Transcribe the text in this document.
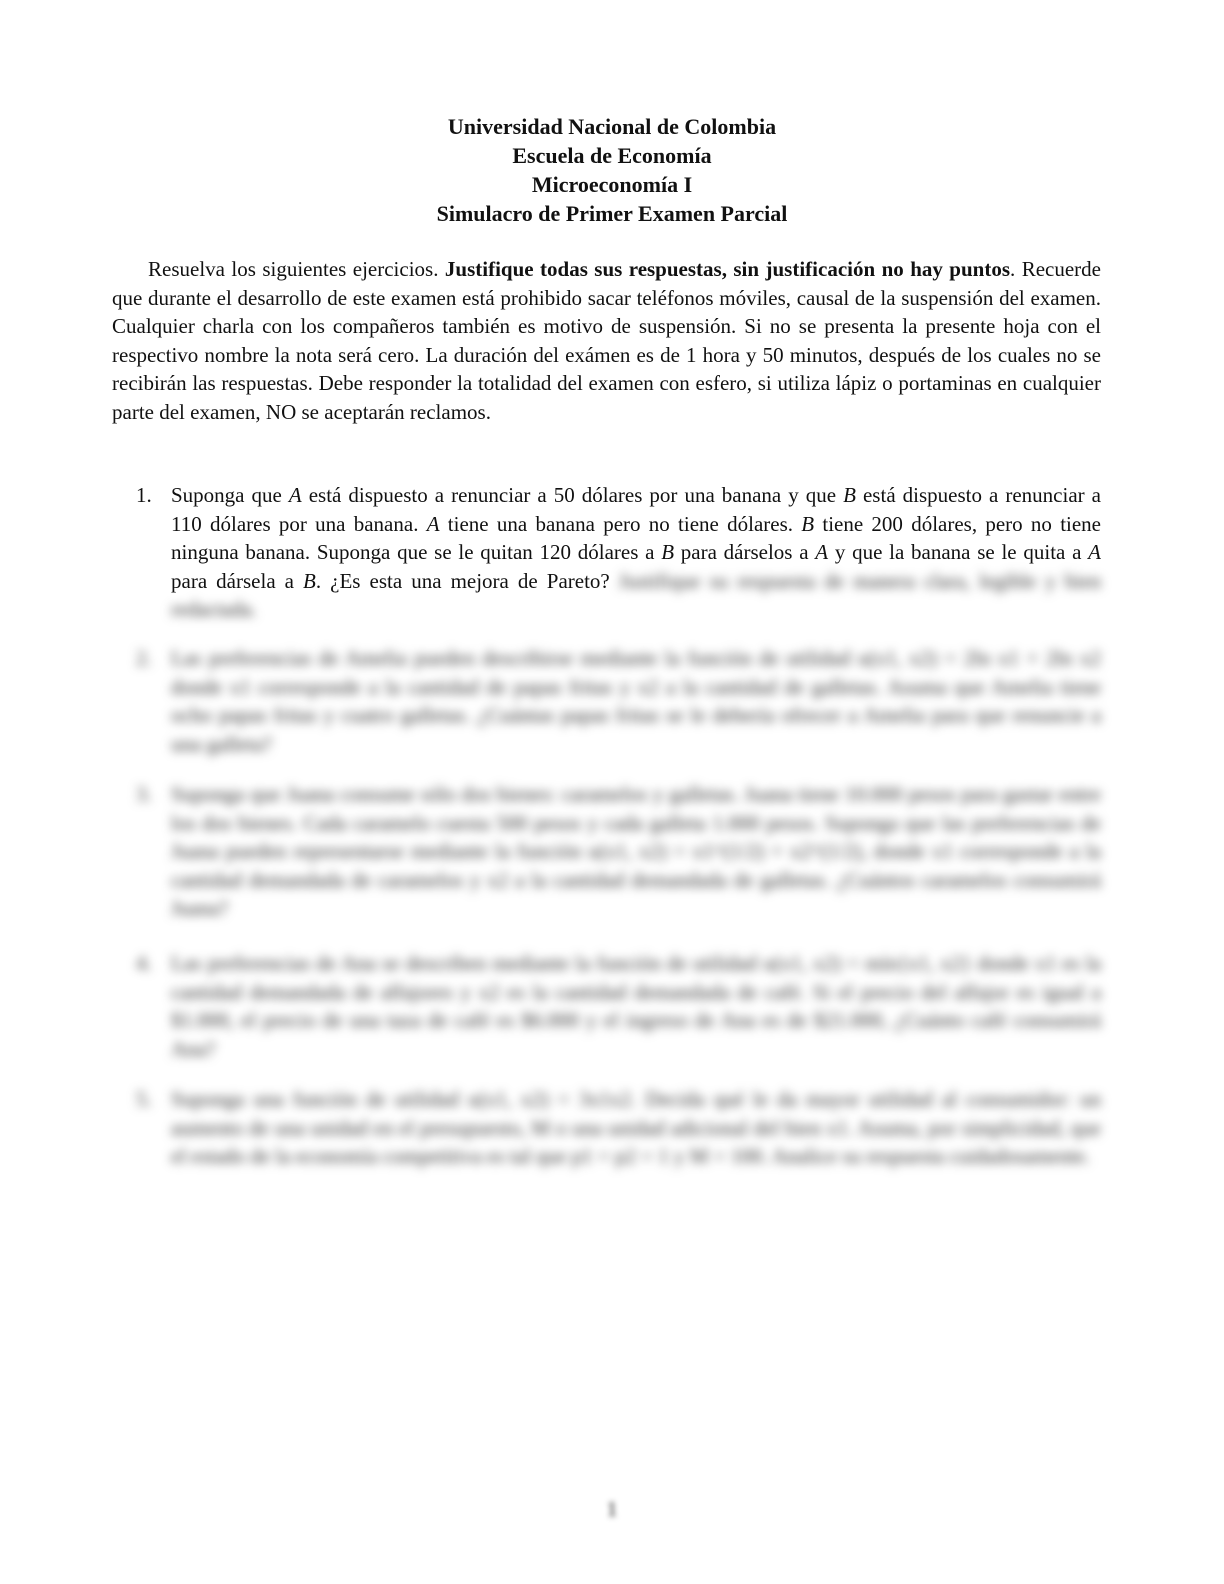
Universidad Nacional de Colombia
Escuela de Economía
Microeconomía I
Simulacro de Primer Examen Parcial

Resuelva los siguientes ejercicios. Justifique todas sus respuestas, sin justificación no hay puntos. Recuerde que durante el desarrollo de este examen está prohibido sacar teléfonos móviles, causal de la suspensión del examen. Cualquier charla con los compañeros también es motivo de suspensión. Si no se presenta la presente hoja con el respectivo nombre la nota será cero. La duración del exámen es de 1 hora y 50 minutos, después de los cuales no se recibirán las respuestas. Debe responder la totalidad del examen con esfero, si utiliza lápiz o portaminas en cualquier parte del examen, NO se aceptarán reclamos.

1. Suponga que A está dispuesto a renunciar a 50 dólares por una banana y que B está dispuesto a renunciar a 110 dólares por una banana. A tiene una banana pero no tiene dólares. B tiene 200 dólares, pero no tiene ninguna banana. Suponga que se le quitan 120 dólares a B para dárselos a A y que la banana se le quita a A para dársela a B. ¿Es esta una mejora de Pareto? Justifique su respuesta de manera clara, legible y bien redactada.
2. Las preferencias de Amelia pueden describirse mediante la función de utilidad u(x1, x2) = 2ln x1 + 2ln x2 donde x1 corresponde a la cantidad de papas fritas y x2 a la cantidad de galletas. Asuma que Amelia tiene ocho papas fritas y cuatro galletas. ¿Cuántas papas fritas se le debería ofrecer a Amelia para que renuncie a una galleta?
3. Suponga que Juana consume sólo dos bienes: caramelos y galletas. Juana tiene 10.000 pesos para gastar entre los dos bienes. Cada caramelo cuesta 500 pesos y cada galleta 1.000 pesos. Suponga que las preferencias de Juana pueden representarse mediante la función u(x1, x2) = x1^(1/2) + x2^(1/2), donde x1 corresponde a la cantidad demandada de caramelos y x2 a la cantidad demandada de galletas. ¿Cuántos caramelos consumirá Juana?
4. Las preferencias de Ana se describen mediante la función de utilidad u(x1, x2) = mín{x1, x2} donde x1 es la cantidad demandada de alfajores y x2 es la cantidad demandada de café. Si el precio del alfajor es igual a $1.000, el precio de una taza de café es $6.000 y el ingreso de Ana es de $21.000, ¿Cuánto café consumirá Ana?
5. Suponga una función de utilidad u(x1, x2) = 3x1x2. Decida qué le da mayor utilidad al consumidor: un aumento de una unidad en el presupuesto, M o una unidad adicional del bien x1. Asuma, por simplicidad, que el estado de la economía competitiva es tal que p1 = p2 = 1 y M = 100. Analice su respuesta cuidadosamente.
1
